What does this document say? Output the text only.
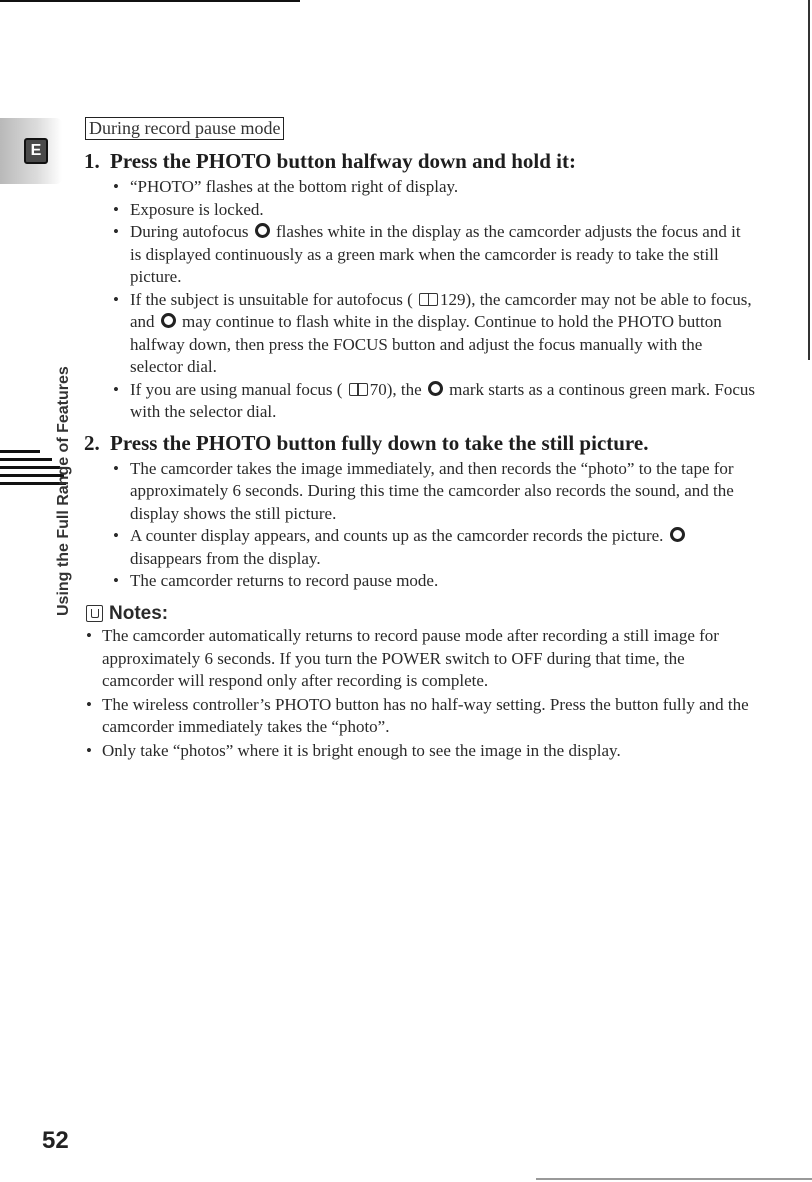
E
Using the Full Range of Features
During record pause mode
1. Press the PHOTO button halfway down and hold it:
• “PHOTO” flashes at the bottom right of display.
• Exposure is locked.
• During autofocus flashes white in the display as the camcorder adjusts the focus and it is displayed continuously as a green mark when the camcorder is ready to take the still picture.
• If the subject is unsuitable for autofocus ( 129), the camcorder may not be able to focus, and may continue to flash white in the display. Continue to hold the PHOTO button halfway down, then press the FOCUS button and adjust the focus manually with the selector dial.
• If you are using manual focus ( 70), the mark starts as a continous green mark. Focus with the selector dial.
2. Press the PHOTO button fully down to take the still picture.
• The camcorder takes the image immediately, and then records the “photo” to the tape for approximately 6 seconds. During this time the camcorder also records the sound, and the display shows the still picture.
• A counter display appears, and counts up as the camcorder records the picture.  disappears from the display.
• The camcorder returns to record pause mode.
Notes:
• The camcorder automatically returns to record pause mode after recording a still image for approximately 6 seconds. If you turn the POWER switch to OFF during that time, the camcorder will respond only after recording is complete.
• The wireless controller’s PHOTO button has no half-way setting. Press the button fully and the camcorder immediately takes the “photo”.
• Only take “photos” where it is bright enough to see the image in the display.
52
